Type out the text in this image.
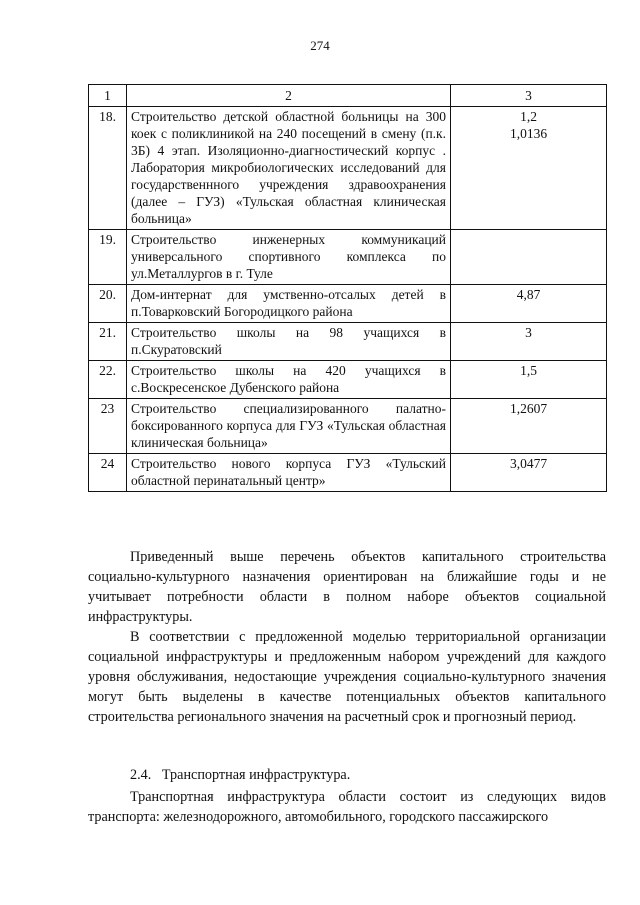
274
1	2	3
18.	Строительство детской областной больницы на 300 коек с поликлиникой на 240 посещений в смену (п.к. 3Б) 4 этап. Изоляционно-диагностический корпус . Лаборатория микробиологических исследований для государственнного учреждения здравоохранения (далее – ГУЗ) «Тульская областная клиническая больница»	1,2
1,0136

19.	Строительство инженерных коммуникаций универсального спортивного комплекса по ул.Металлургов в г. Туле	
20.	Дом-интернат для умственно-отсалых детей в п.Товарковский Богородицкого района	4,87

21.	Строительство школы на 98 учащихся в п.Скуратовский	3

22.	Строительство школы на 420 учащихся в с.Воскресенское Дубенского района	1,5

23	Строительство специализированного палатно-боксированного корпуса для ГУЗ «Тульская областная клиническая больница»	1,2607

24	Строительство нового корпуса ГУЗ «Тульский областной перинатальный центр»	3,0477

Приведенный выше перечень объектов капитального строительства социально-культурного назначения ориентирован на ближайшие годы и не учитывает потребности области в полном наборе объектов социальной инфраструктуры.

В соответствии с предложенной моделью территориальной организации социальной инфраструктуры и предложенным набором учреждений для каждого уровня обслуживания, недостающие учреждения социально-культурного значения могут быть выделены в качестве потенциальных объектов капитального строительства регионального значения на расчетный срок и прогнозный период.

2.4.   Транспортная инфраструктура.

Транспортная инфраструктура области состоит из следующих видов транспорта: железнодорожного, автомобильного, городского пассажирского
